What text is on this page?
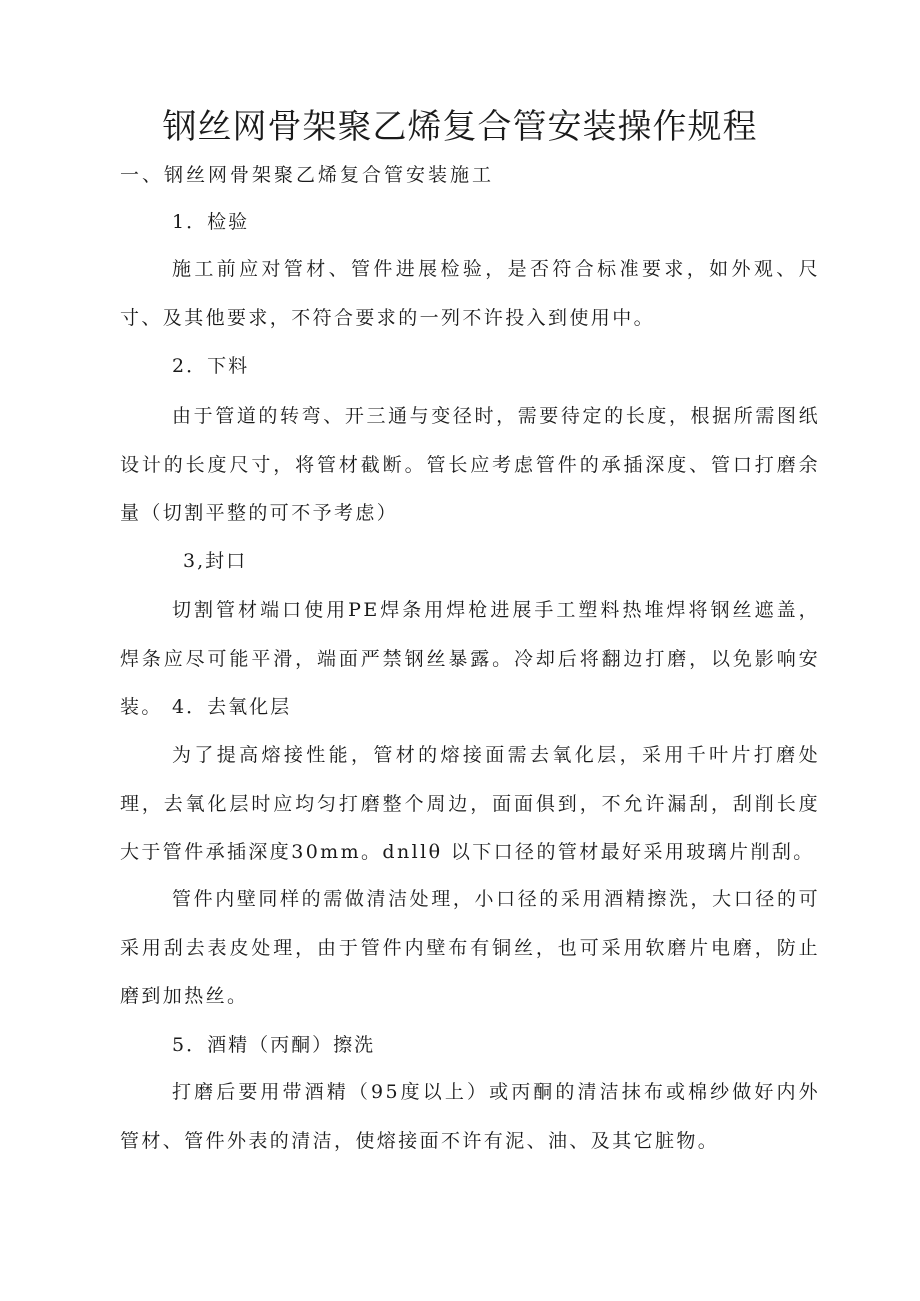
钢丝网骨架聚乙烯复合管安装操作规程

一、钢丝网骨架聚乙烯复合管安装施工

1．检验

施工前应对管材、管件进展检验，是否符合标准要求，如外观、尺寸、及其他要求，不符合要求的一列不许投入到使用中。

2．下料

由于管道的转弯、开三通与变径时，需要待定的长度，根据所需图纸设计的长度尺寸，将管材截断。管长应考虑管件的承插深度、管口打磨余量（切割平整的可不予考虑）

3,封口

切割管材端口使用PE焊条用焊枪进展手工塑料热堆焊将钢丝遮盖，焊条应尽可能平滑，端面严禁钢丝暴露。冷却后将翻边打磨，以免影响安装。 4．去氧化层

为了提高熔接性能，管材的熔接面需去氧化层，采用千叶片打磨处理，去氧化层时应均匀打磨整个周边，面面俱到，不允许漏刮，刮削长度大于管件承插深度30mm。dnllθ 以下口径的管材最好采用玻璃片削刮。

管件内壁同样的需做清洁处理，小口径的采用酒精擦洗，大口径的可采用刮去表皮处理，由于管件内壁布有铜丝，也可采用软磨片电磨，防止磨到加热丝。

5．酒精（丙酮）擦洗

打磨后要用带酒精（95度以上）或丙酮的清洁抹布或棉纱做好内外管材、管件外表的清洁，使熔接面不许有泥、油、及其它脏物。
